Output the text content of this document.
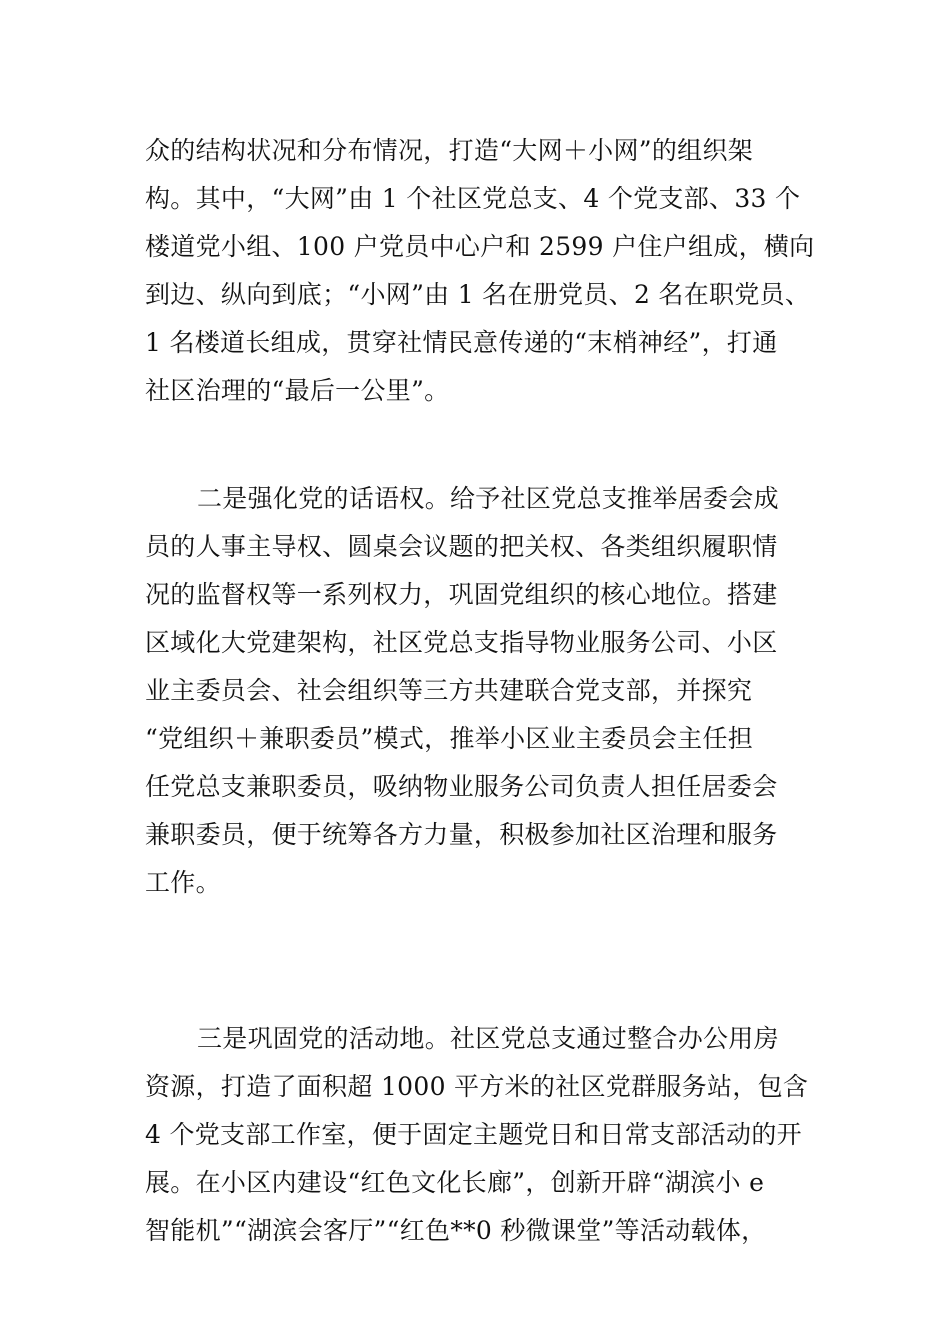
众的结构状况和分布情况，打造“大网＋小网”的组织架
构。其中，“大网”由 1 个社区党总支、4 个党支部、33 个
楼道党小组、100 户党员中心户和 2599 户住户组成，横向
到边、纵向到底；“小网”由 1 名在册党员、2 名在职党员、
1 名楼道长组成，贯穿社情民意传递的“末梢神经”，打通
社区治理的“最后一公里”。
二是强化党的话语权。给予社区党总支推举居委会成
员的人事主导权、圆桌会议题的把关权、各类组织履职情
况的监督权等一系列权力，巩固党组织的核心地位。搭建
区域化大党建架构，社区党总支指导物业服务公司、小区
业主委员会、社会组织等三方共建联合党支部，并探究
“党组织＋兼职委员”模式，推举小区业主委员会主任担
任党总支兼职委员，吸纳物业服务公司负责人担任居委会
兼职委员，便于统筹各方力量，积极参加社区治理和服务
工作。
三是巩固党的活动地。社区党总支通过整合办公用房
资源，打造了面积超 1000 平方米的社区党群服务站，包含
4 个党支部工作室，便于固定主题党日和日常支部活动的开
展。在小区内建设“红色文化长廊”，创新开辟“湖滨小 e
智能机”“湖滨会客厅”“红色**0 秒微课堂”等活动载体，
